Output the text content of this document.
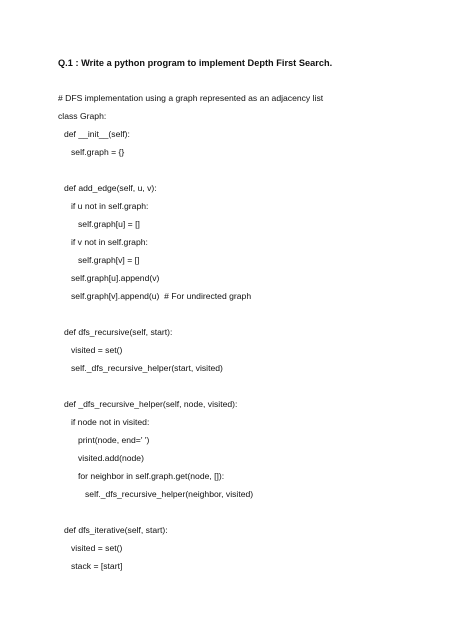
Q.1 : Write a python program to implement Depth First Search.
# DFS implementation using a graph represented as an adjacency list
class Graph:
def __init__(self):
self.graph = {}
def add_edge(self, u, v):
if u not in self.graph:
self.graph[u] = []
if v not in self.graph:
self.graph[v] = []
self.graph[u].append(v)
self.graph[v].append(u)  # For undirected graph
def dfs_recursive(self, start):
visited = set()
self._dfs_recursive_helper(start, visited)
def _dfs_recursive_helper(self, node, visited):
if node not in visited:
print(node, end=' ')
visited.add(node)
for neighbor in self.graph.get(node, []):
self._dfs_recursive_helper(neighbor, visited)
def dfs_iterative(self, start):
visited = set()
stack = [start]
